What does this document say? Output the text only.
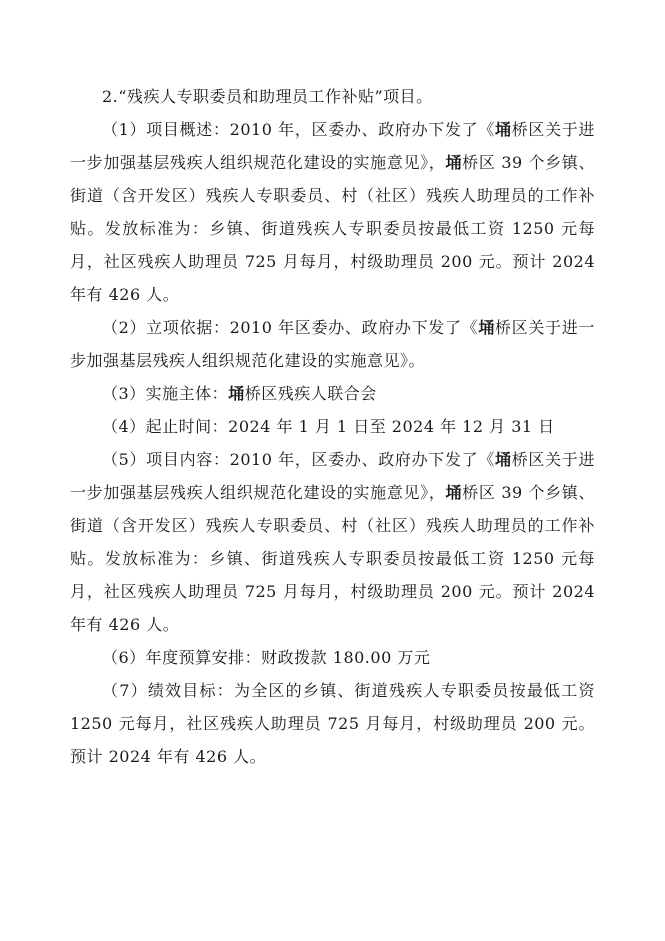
2.“残疾人专职委员和助理员工作补贴”项目。

（1）项目概述：2010 年，区委办、政府办下发了《埇桥区关于进一步加强基层残疾人组织规范化建设的实施意见》，埇桥区 39 个乡镇、街道（含开发区）残疾人专职委员、村（社区）残疾人助理员的工作补贴。发放标准为：乡镇、街道残疾人专职委员按最低工资 1250 元每月，社区残疾人助理员 725 月每月，村级助理员 200 元。预计 2024 年有 426 人。

（2）立项依据：2010 年区委办、政府办下发了《埇桥区关于进一步加强基层残疾人组织规范化建设的实施意见》。

（3）实施主体：埇桥区残疾人联合会

（4）起止时间：2024 年 1 月 1 日至 2024 年 12 月 31 日

（5）项目内容：2010 年，区委办、政府办下发了《埇桥区关于进一步加强基层残疾人组织规范化建设的实施意见》，埇桥区 39 个乡镇、街道（含开发区）残疾人专职委员、村（社区）残疾人助理员的工作补贴。发放标准为：乡镇、街道残疾人专职委员按最低工资 1250 元每月，社区残疾人助理员 725 月每月，村级助理员 200 元。预计 2024 年有 426 人。

（6）年度预算安排：财政拨款 180.00 万元

（7）绩效目标：为全区的乡镇、街道残疾人专职委员按最低工资 1250 元每月，社区残疾人助理员 725 月每月，村级助理员 200 元。预计 2024 年有 426 人。
